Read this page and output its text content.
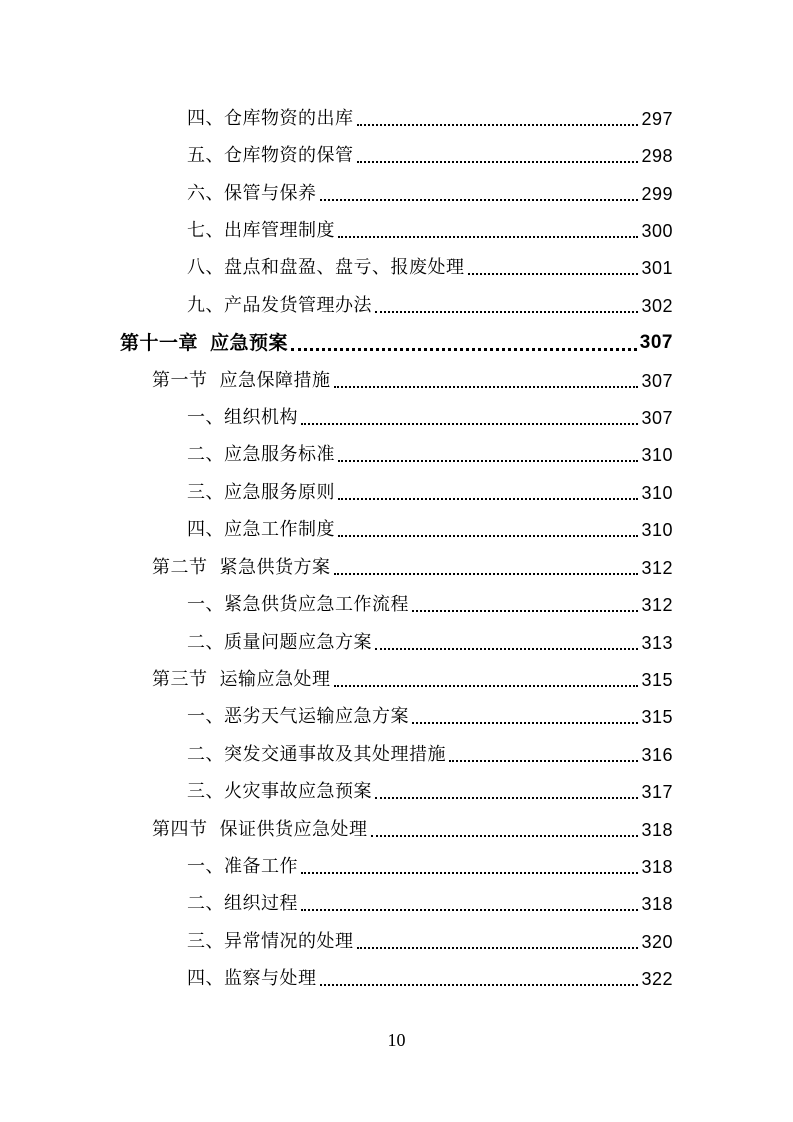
四、 仓库物资的出库	297
五、 仓库物资的保管	298
六、 保管与保养	299
七、 出库管理制度	300
八、 盘点和盘盈、盘亏、报废处理	301
九、 产品发货管理办法	302
第十一章 应急预案	307
第一节 应急保障措施	307
一、 组织机构	307
二、 应急服务标准	310
三、 应急服务原则	310
四、 应急工作制度	310
第二节 紧急供货方案	312
一、 紧急供货应急工作流程	312
二、 质量问题应急方案	313
第三节 运输应急处理	315
一、 恶劣天气运输应急方案	315
二、 突发交通事故及其处理措施	316
三、 火灾事故应急预案	317
第四节 保证供货应急处理	318
一、 准备工作	318
二、 组织过程	318
三、 异常情况的处理	320
四、 监察与处理	322
10
